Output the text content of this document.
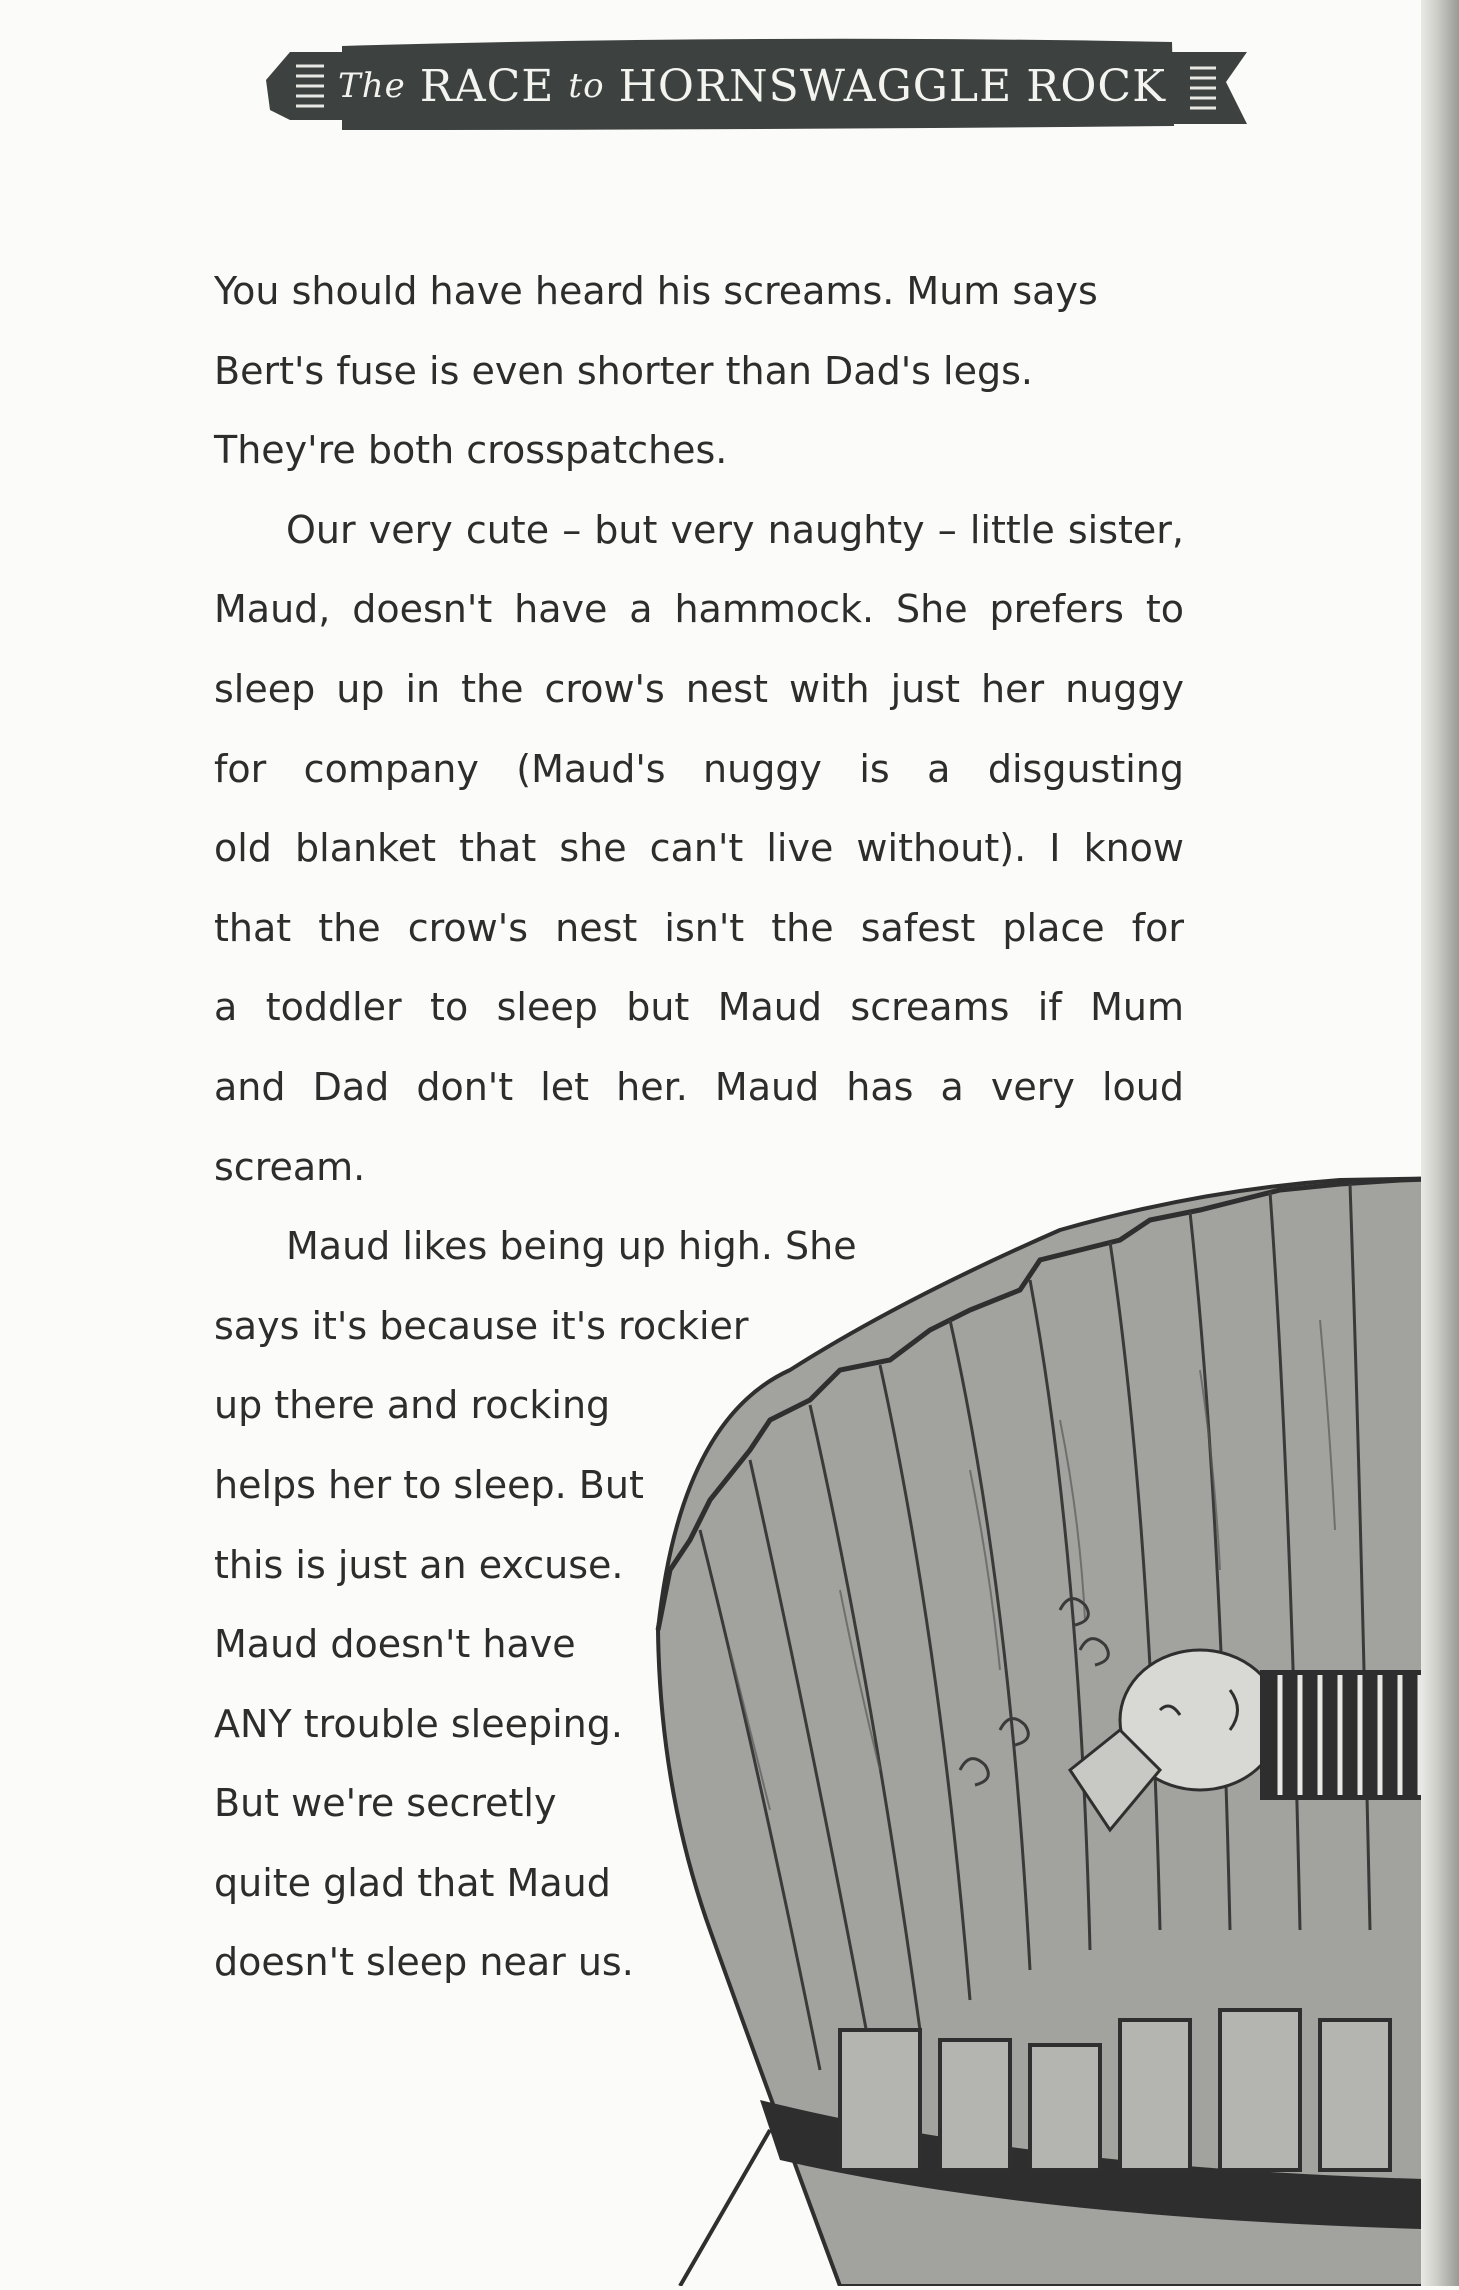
The RACE to HORNSWAGGLE ROCK
You should have heard his screams. Mum says
Bert's fuse is even shorter than Dad's legs.
They're both crosspatches.
Our very cute – but very naughty – little sister,
Maud, doesn't have a hammock. She prefers to
sleep up in the crow's nest with just her nuggy
for company (Maud's nuggy is a disgusting
old blanket that she can't live without). I know
that the crow's nest isn't the safest place for
a toddler to sleep but Maud screams if Mum
and Dad don't let her. Maud has a very loud
scream.
Maud likes being up high. She
says it's because it's rockier
up there and rocking
helps her to sleep. But
this is just an excuse.
Maud doesn't have
ANY trouble sleeping.
But we're secretly
quite glad that Maud
doesn't sleep near us.
